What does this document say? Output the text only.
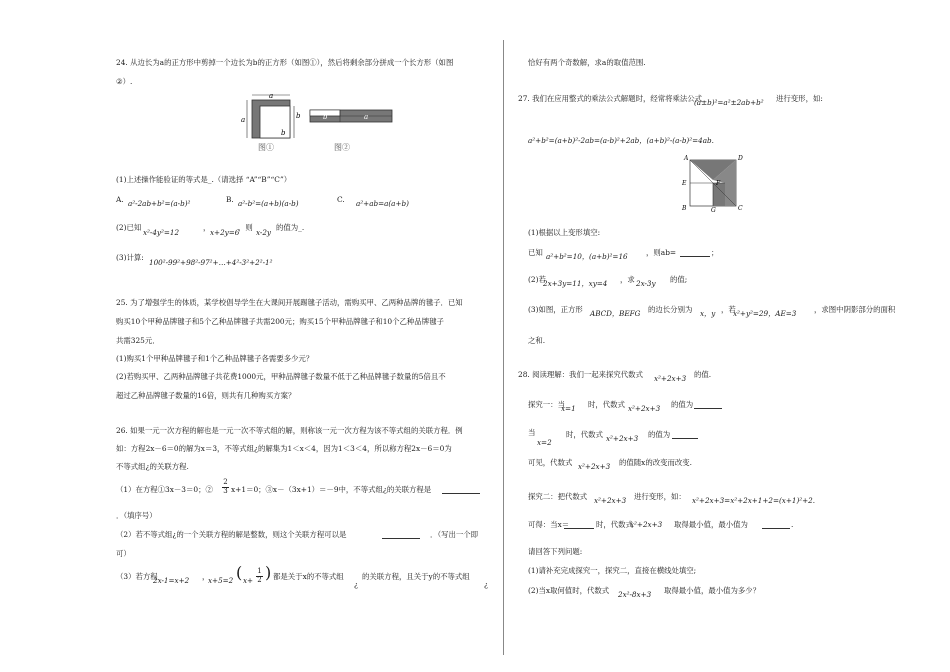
24. 从边长为a的正方形中剪掉一个边长为b的正方形（如图①），然后将剩余部分拼成一个长方形（如图
②）.
a
a	b
b
图①
b	a
图②
(1)上述操作能验证的等式是_.（请选择 “A”“B”“C”）
A. a²-2ab+b²=(a-b)²	B. a²-b²=(a+b)(a-b)	C. a²+ab=a(a+b)
(2)已知
x²-4y²=12
，
x+2y=6
，则
x-2y
的值为_.
(3)计算:
100²-99²+98²-97²+…+4²-3²+2²-1²
25. 为了增强学生的体质，某学校倡导学生在大课间开展踢毽子活动，需购买甲、乙两种品牌的毽子．已知
购买10个甲种品牌毽子和5个乙种品牌毽子共需200元；购买15个甲种品牌毽子和10个乙种品牌毽子
共需325元．
(1)购买1个甲种品牌毽子和1个乙种品牌毽子各需要多少元？
(2)若购买甲、乙两种品牌毽子共花费1000元，甲种品牌毽子数量不低于乙种品牌毽子数量的5倍且不
超过乙种品牌毽子数量的16倍，则共有几种购买方案？
26. 如果一元一次方程的解也是一元一次不等式组的解，则称该一元一次方程为该不等式组的关联方程．例
如：方程2x－6＝0的解为x＝3，不等式组¿的解集为1＜x＜4，因为1＜3＜4，所以称方程2x－6＝0为
不等式组¿的关联方程.
（1）在方程①3x－3＝0；②
2
3 x+1＝0；③x－（3x+1）＝－9中，不等式组¿的关联方程是
．（填序号）
（2）若不等式组¿的一个关联方程的解是整数，则这个关联方程可以是	．（写出一个即
可）
（3）若方程
2x-1=x+2 ，
x+5=2 ( x+
1
2 ) 都是关于x的不等式组
¿
的关联方程，且关于y的不等式组
¿
恰好有两个奇数解，求a的取值范围.
27. 我们在应用整式的乘法公式解题时，经常将乘法公式
(a±b)²=a²±2ab+b² 进行变形，如:
a²+b²=(a+b)²-2ab=(a-b)²+2ab，(a+b)²-(a-b)²=4ab.
A	D
E	F
B	G	C
(1)根据以上变形填空:
已知 a²+b²=10，(a+b)²=16 ，则ab=	；
(2)若
2x+3y=11，xy=4 ，求 2x-3y 的值;
(3)如图，正方形 ABCD，BEFG 的边长分别为 x，y ，若
x²+y²=29，AE=3 ，求图中阴影部分的面积
之和.
28. 阅读理解：我们一起来探究代数式 x²+2x+3 的值.
探究一：当
x=1 时，代数式 x²+2x+3 的值为
当
x=2
时，代数式 x²+2x+3 的值为
可见，代数式 x²+2x+3 的值随x的改变而改变.
探究二：把代数式 x²+2x+3 进行变形，如： x²+2x+3=x²+2x+1+2=(x+1)²+2.
可得：当x＝	时，代数式
x²+2x+3 取得最小值，最小值为	.
请回答下列问题:
(1)请补充完成探究一，探究二，直接在横线处填空;
(2)当x取何值时，代数式 2x²-8x+3 取得最小值，最小值为多少？
